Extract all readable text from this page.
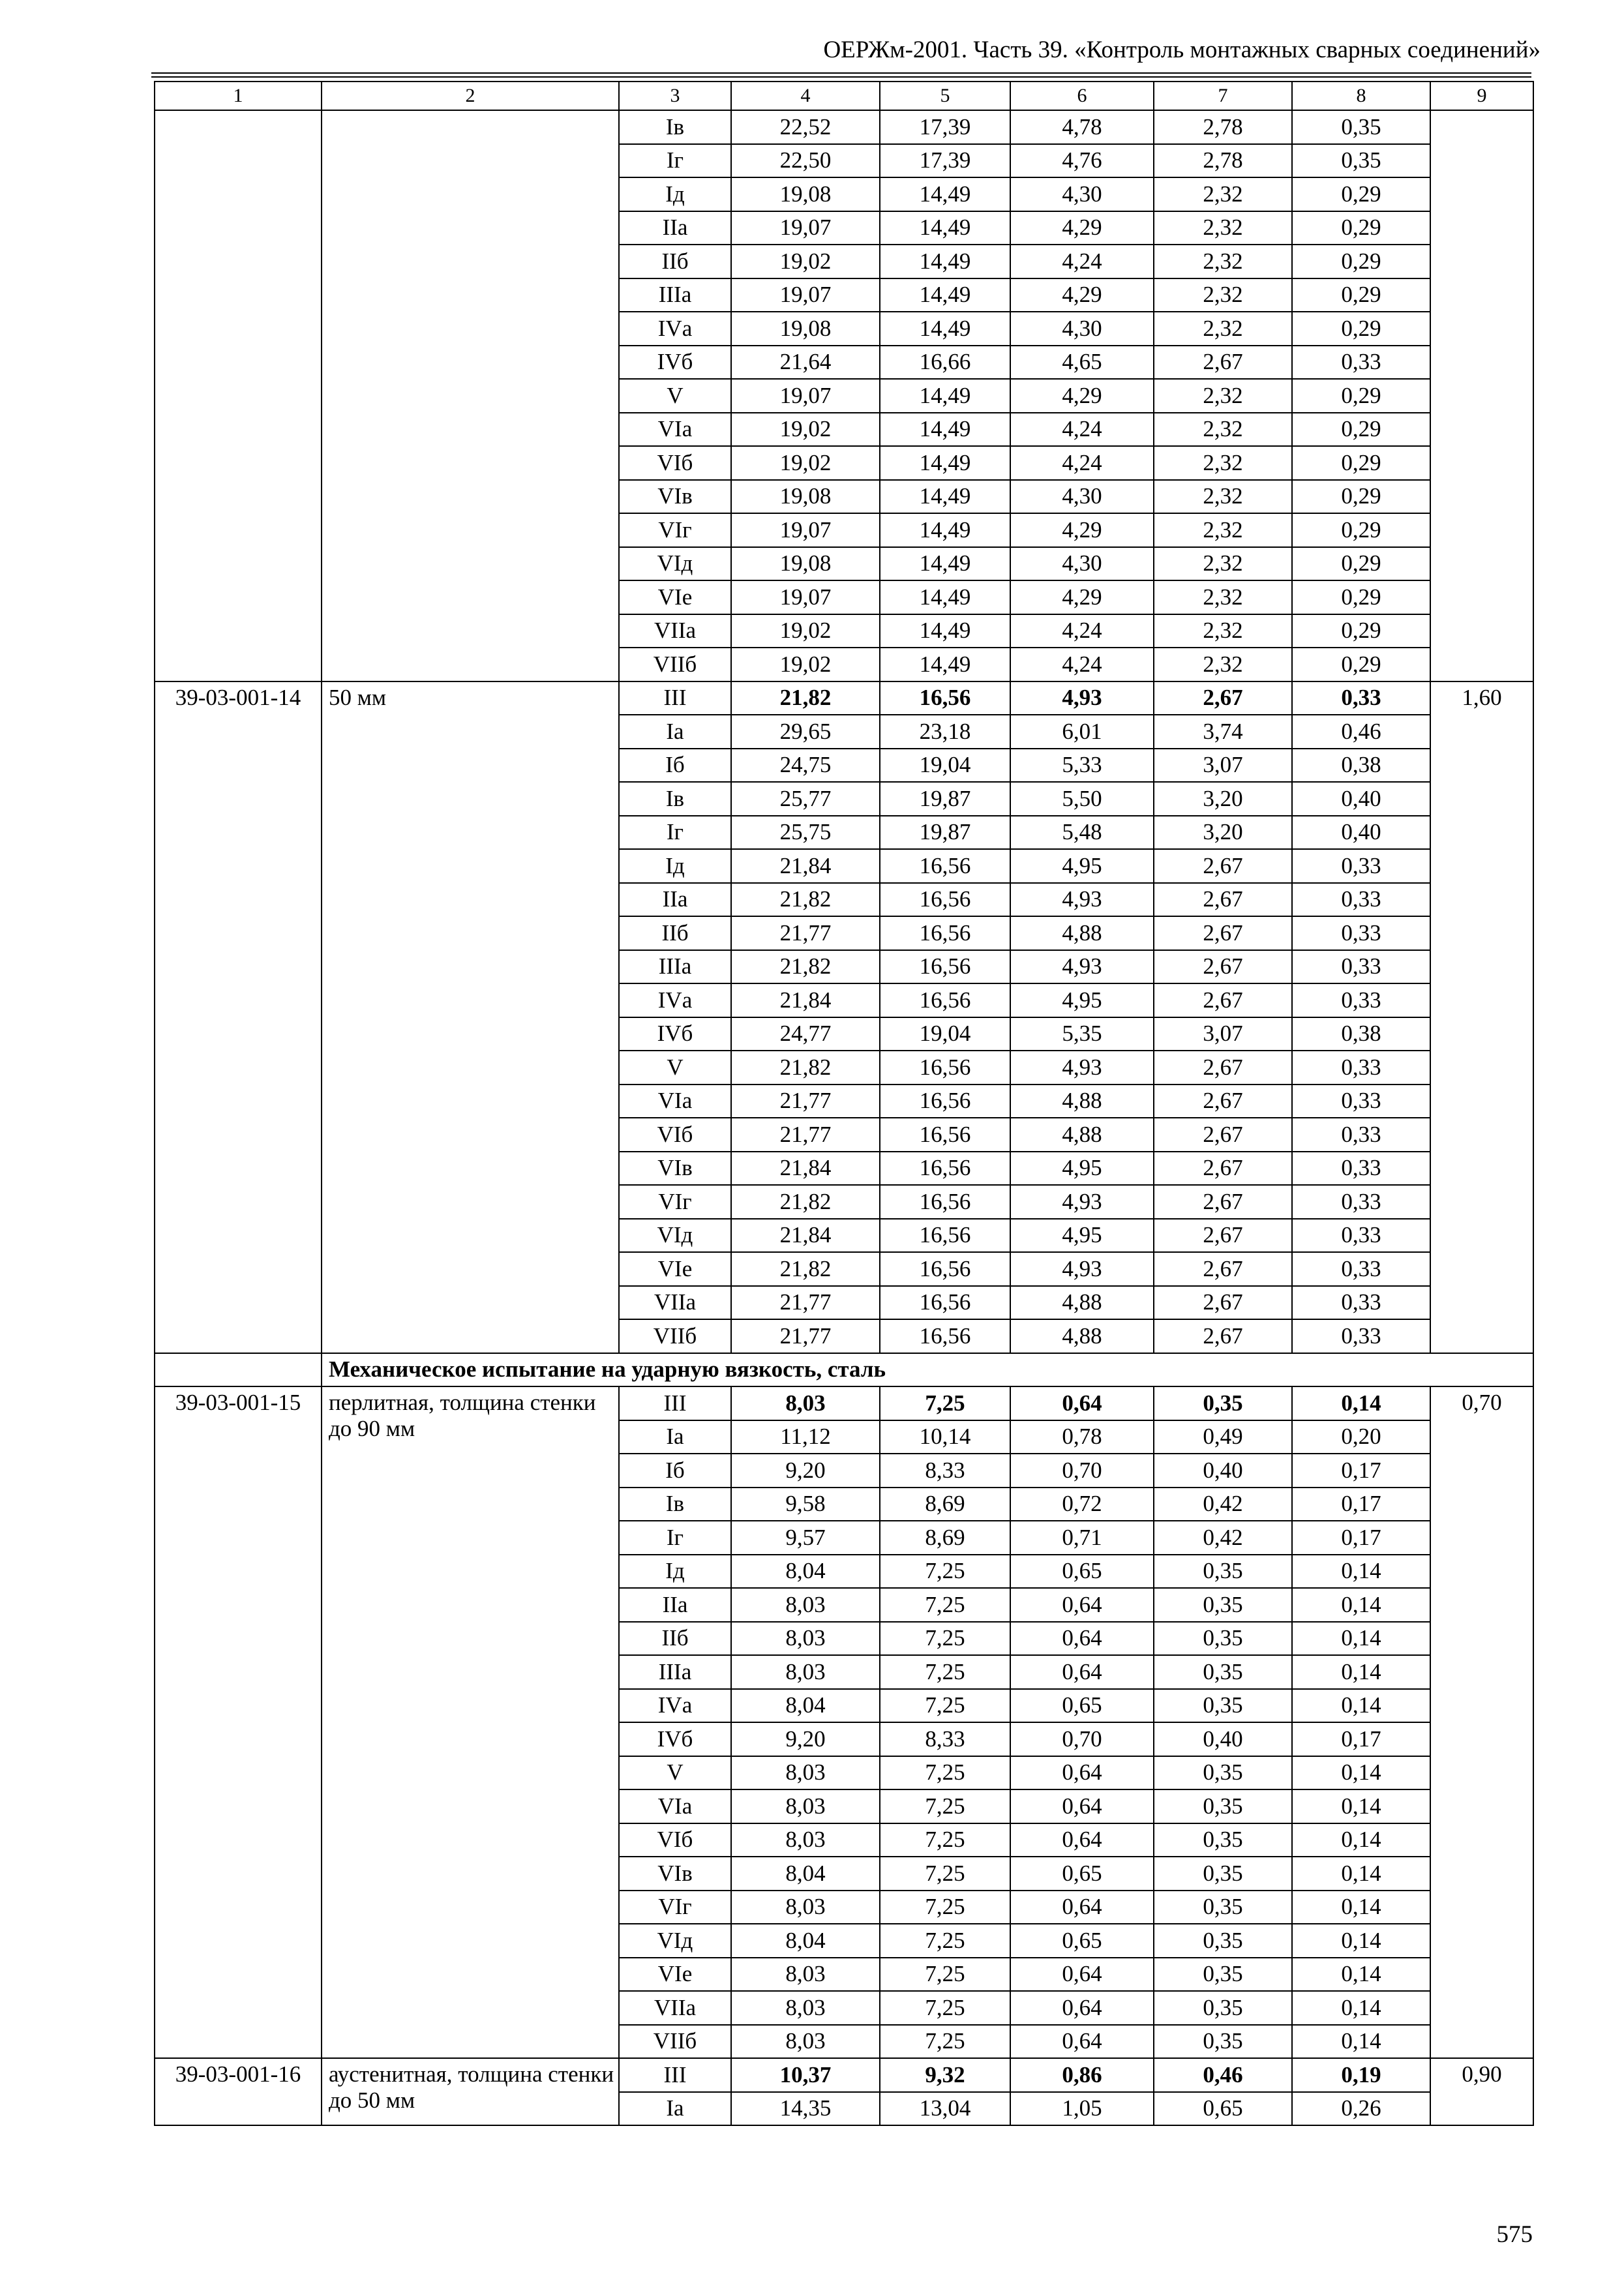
ОЕРЖм-2001. Часть 39. «Контроль монтажных сварных соединений»
1	2	3	4	5	6	7	8	9
		Iв	22,52	17,39	4,78	2,78	0,35	
		Iг	22,50	17,39	4,76	2,78	0,35	
		Iд	19,08	14,49	4,30	2,32	0,29	
		IIа	19,07	14,49	4,29	2,32	0,29	
		IIб	19,02	14,49	4,24	2,32	0,29	
		IIIа	19,07	14,49	4,29	2,32	0,29	
		IVа	19,08	14,49	4,30	2,32	0,29	
		IVб	21,64	16,66	4,65	2,67	0,33	
		V	19,07	14,49	4,29	2,32	0,29	
		VIа	19,02	14,49	4,24	2,32	0,29	
		VIб	19,02	14,49	4,24	2,32	0,29	
		VIв	19,08	14,49	4,30	2,32	0,29	
		VIг	19,07	14,49	4,29	2,32	0,29	
		VIд	19,08	14,49	4,30	2,32	0,29	
		VIе	19,07	14,49	4,29	2,32	0,29	
		VIIа	19,02	14,49	4,24	2,32	0,29	
		VIIб	19,02	14,49	4,24	2,32	0,29	
39-03-001-14	50 мм	III	21,82	16,56	4,93	2,67	0,33	1,60
		Iа	29,65	23,18	6,01	3,74	0,46	
		Iб	24,75	19,04	5,33	3,07	0,38	
		Iв	25,77	19,87	5,50	3,20	0,40	
		Iг	25,75	19,87	5,48	3,20	0,40	
		Iд	21,84	16,56	4,95	2,67	0,33	
		IIа	21,82	16,56	4,93	2,67	0,33	
		IIб	21,77	16,56	4,88	2,67	0,33	
		IIIа	21,82	16,56	4,93	2,67	0,33	
		IVа	21,84	16,56	4,95	2,67	0,33	
		IVб	24,77	19,04	5,35	3,07	0,38	
		V	21,82	16,56	4,93	2,67	0,33	
		VIа	21,77	16,56	4,88	2,67	0,33	
		VIб	21,77	16,56	4,88	2,67	0,33	
		VIв	21,84	16,56	4,95	2,67	0,33	
		VIг	21,82	16,56	4,93	2,67	0,33	
		VIд	21,84	16,56	4,95	2,67	0,33	
		VIе	21,82	16,56	4,93	2,67	0,33	
		VIIа	21,77	16,56	4,88	2,67	0,33	
		VIIб	21,77	16,56	4,88	2,67	0,33	
	Механическое испытание на ударную вязкость, сталь							
39-03-001-15	перлитная, толщина стенки до 90 мм	III	8,03	7,25	0,64	0,35	0,14	0,70
		Iа	11,12	10,14	0,78	0,49	0,20	
		Iб	9,20	8,33	0,70	0,40	0,17	
		Iв	9,58	8,69	0,72	0,42	0,17	
		Iг	9,57	8,69	0,71	0,42	0,17	
		Iд	8,04	7,25	0,65	0,35	0,14	
		IIа	8,03	7,25	0,64	0,35	0,14	
		IIб	8,03	7,25	0,64	0,35	0,14	
		IIIа	8,03	7,25	0,64	0,35	0,14	
		IVа	8,04	7,25	0,65	0,35	0,14	
		IVб	9,20	8,33	0,70	0,40	0,17	
		V	8,03	7,25	0,64	0,35	0,14	
		VIа	8,03	7,25	0,64	0,35	0,14	
		VIб	8,03	7,25	0,64	0,35	0,14	
		VIв	8,04	7,25	0,65	0,35	0,14	
		VIг	8,03	7,25	0,64	0,35	0,14	
		VIд	8,04	7,25	0,65	0,35	0,14	
		VIе	8,03	7,25	0,64	0,35	0,14	
		VIIа	8,03	7,25	0,64	0,35	0,14	
		VIIб	8,03	7,25	0,64	0,35	0,14	
39-03-001-16	аустенитная, толщина стенки до 50 мм	III	10,37	9,32	0,86	0,46	0,19	0,90
		Iа	14,35	13,04	1,05	0,65	0,26	
575
